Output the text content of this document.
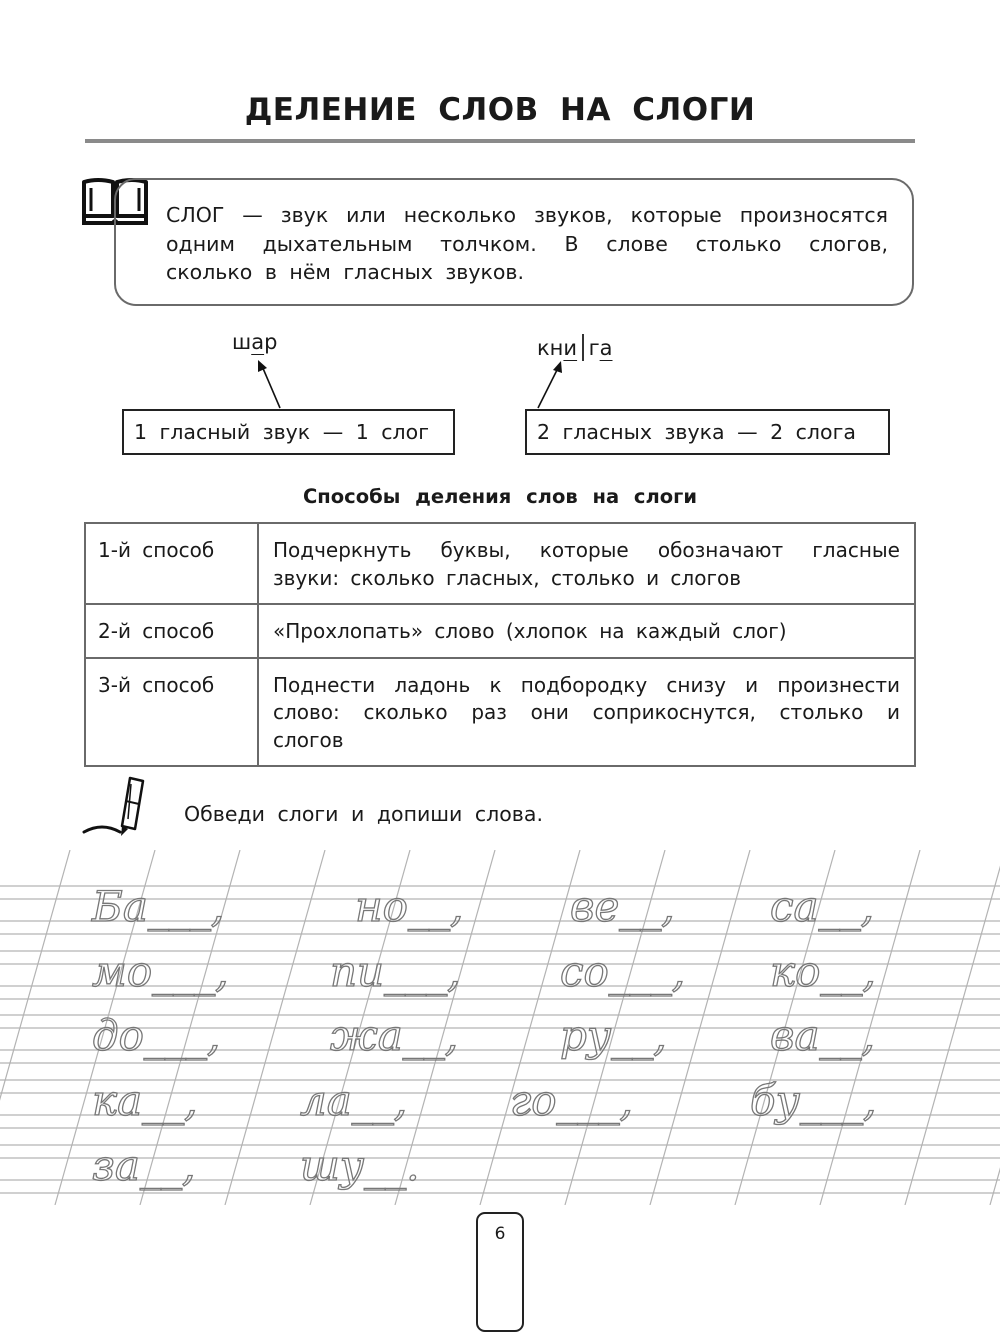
ДЕЛЕНИЕ СЛОВ НА СЛОГИ
СЛОГ — звук или несколько звуков, которые произносятся одним дыхательным толчком. В слове столько слогов, сколько в нём гласных звуков.
шар	кни га
1 гласный звук — 1 слог	2 гласных звука — 2 слога
Способы деления слов на слоги
1-й способ	Подчеркнуть буквы, которые обозначают гласные звуки: сколько гласных, столько и слогов
2-й способ	«Прохлопать» слово (хлопок на каждый слог)
3-й способ	Поднести ладонь к подбородку снизу и произнести слово: сколько раз они соприкоснутся, столько и слогов
Обведи слоги и допиши слова.
Ба___,	но__,	ве__, са__,
мо___, пи___, со___, ко__,
до___,	жа__, ру__, ва__,
ка__, ла__, го___,	бу___,
за__, шу__.
6
